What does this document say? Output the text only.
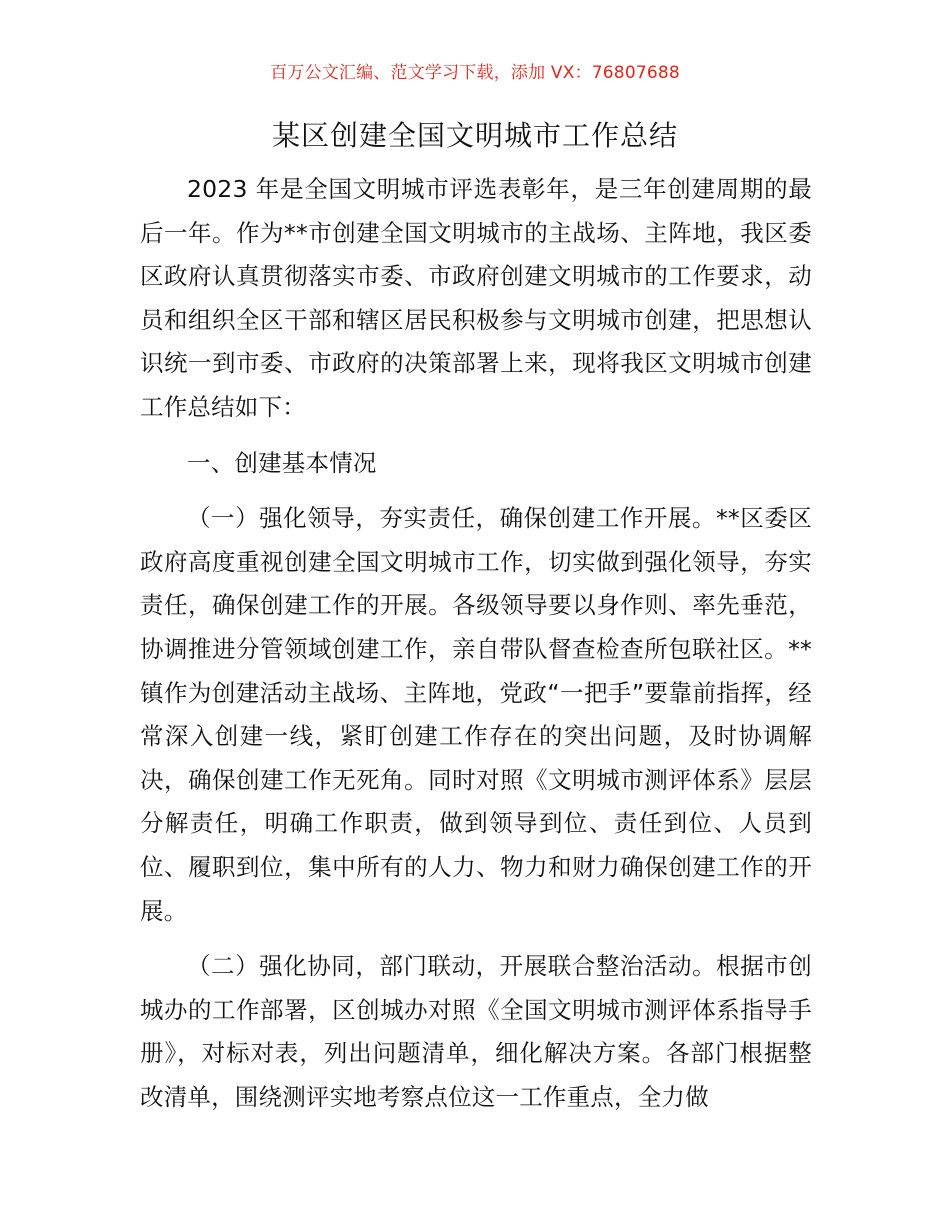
百万公文汇编、范文学习下载，添加 VX：76807688
某区创建全国文明城市工作总结

2023 年是全国文明城市评选表彰年，是三年创建周期的最后一年。作为**市创建全国文明城市的主战场、主阵地，我区委区政府认真贯彻落实市委、市政府创建文明城市的工作要求，动员和组织全区干部和辖区居民积极参与文明城市创建，把思想认识统一到市委、市政府的决策部署上来，现将我区文明城市创建工作总结如下：

一、创建基本情况

（一）强化领导，夯实责任，确保创建工作开展。**区委区政府高度重视创建全国文明城市工作，切实做到强化领导，夯实责任，确保创建工作的开展。各级领导要以身作则、率先垂范，协调推进分管领域创建工作，亲自带队督查检查所包联社区。**镇作为创建活动主战场、主阵地，党政“一把手”要靠前指挥，经常深入创建一线，紧盯创建工作存在的突出问题，及时协调解决，确保创建工作无死角。同时对照《文明城市测评体系》层层分解责任，明确工作职责，做到领导到位、责任到位、人员到位、履职到位，集中所有的人力、物力和财力确保创建工作的开展。

（二）强化协同，部门联动，开展联合整治活动。根据市创城办的工作部署，区创城办对照《全国文明城市测评体系指导手册》，对标对表，列出问题清单，细化解决方案。各部门根据整改清单，围绕测评实地考察点位这一工作重点，全力做
